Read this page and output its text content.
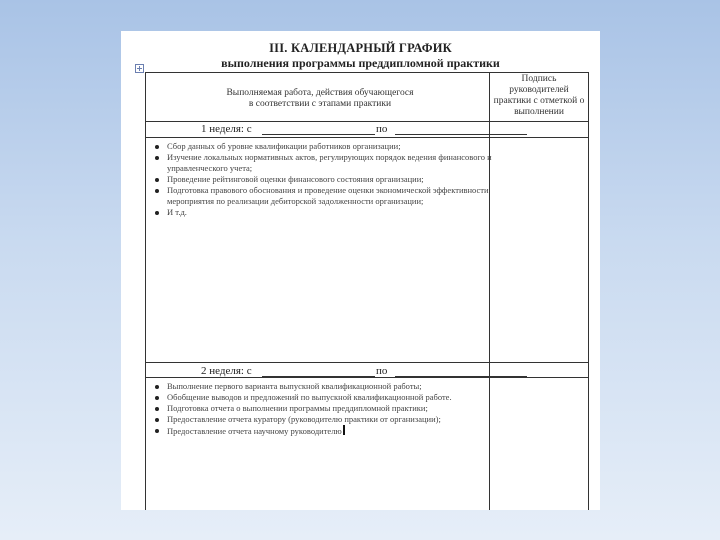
III. КАЛЕНДАРНЫЙ ГРАФИК
выполнения программы преддипломной практики
Выполняемая работа, действия обучающегося в соответствии с этапами практики
Подпись руководителей практики с отметкой о выполнении
1 неделя: с	по
Сбор данных об уровне квалификации работников организации;
Изучение локальных нормативных актов, регулирующих порядок ведения финансового и управленческого учета;
Проведение рейтинговой оценки финансового состояния организации;
Подготовка правового обоснования и проведение оценки экономической эффективности мероприятия по реализации дебиторской задолженности организации;
И т.д.
2 неделя: с	по
Выполнение первого варианта выпускной квалификационной работы;
Обобщение выводов и предложений по выпускной квалификационной работе.
Подготовка отчета о выполнении программы преддипломной практики;
Предоставление отчета куратору (руководителю практики от организации);
Предоставление отчета научному руководителю
